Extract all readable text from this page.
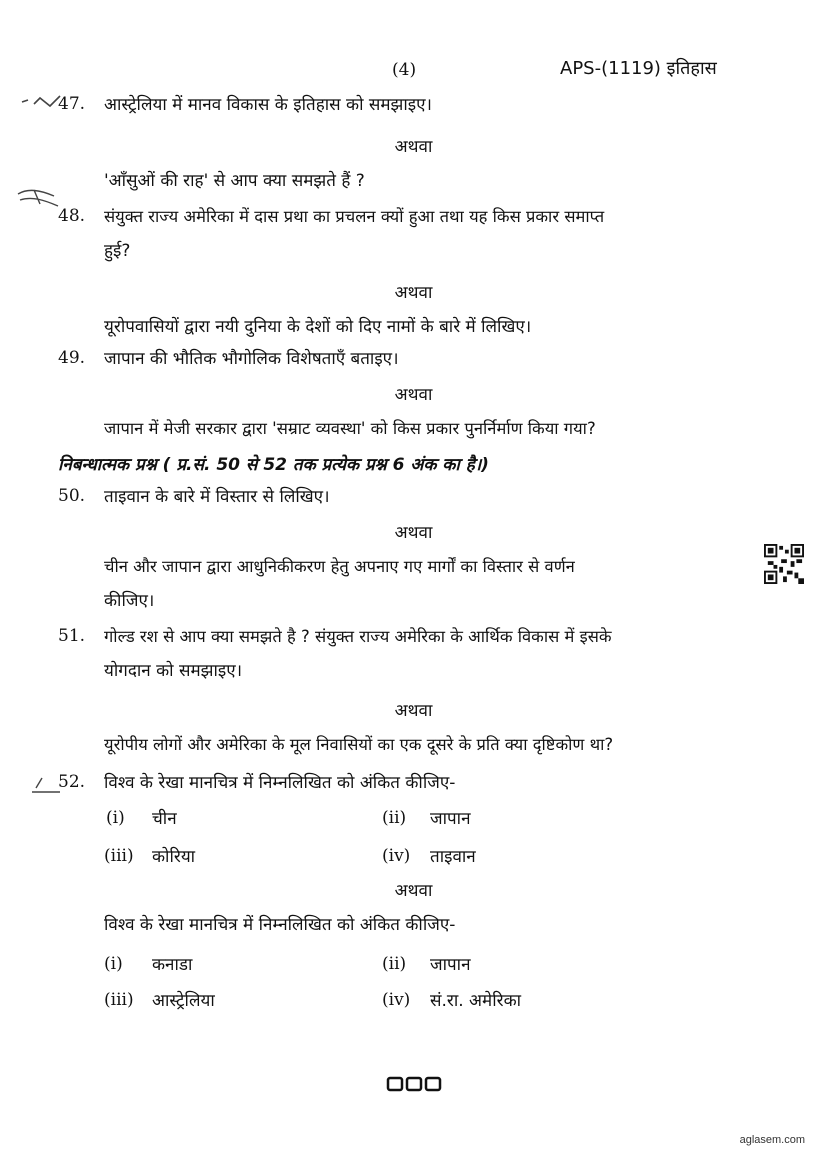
(4)	APS-(1119) इतिहास
47. आस्ट्रेलिया में मानव विकास के इतिहास को समझाइए।
अथवा
'आँसुओं की राह' से आप क्या समझते हैं ?
48. संयुक्त राज्य अमेरिका में दास प्रथा का प्रचलन क्यों हुआ तथा यह किस प्रकार समाप्त
हुई?
अथवा
यूरोपवासियों द्वारा नयी दुनिया के देशों को दिए नामों के बारे में लिखिए।
49. जापान की भौतिक भौगोलिक विशेषताएँ बताइए।
अथवा
जापान में मेजी सरकार द्वारा 'सम्राट व्यवस्था' को किस प्रकार पुनर्निर्माण किया गया?
निबन्धात्मक प्रश्न ( प्र.सं. 50 से 52 तक प्रत्येक प्रश्न 6 अंक का है।)
50. ताइवान के बारे में विस्तार से लिखिए।
अथवा
चीन और जापान द्वारा आधुनिकीकरण हेतु अपनाए गए मार्गों का विस्तार से वर्णन
कीजिए।
51. गोल्ड रश से आप क्या समझते है ? संयुक्त राज्य अमेरिका के आर्थिक विकास में इसके
योगदान को समझाइए।
अथवा
यूरोपीय लोगों और अमेरिका के मूल निवासियों का एक दूसरे के प्रति क्या दृष्टिकोण था?
52. विश्व के रेखा मानचित्र में निम्नलिखित को अंकित कीजिए-
(i) चीन	(ii) जापान
(iii) कोरिया	(iv) ताइवान
अथवा
विश्व के रेखा मानचित्र में निम्नलिखित को अंकित कीजिए-
(i) कनाडा	(ii) जापान
(iii) आस्ट्रेलिया	(iv) सं.रा. अमेरिका
aglasem.com
